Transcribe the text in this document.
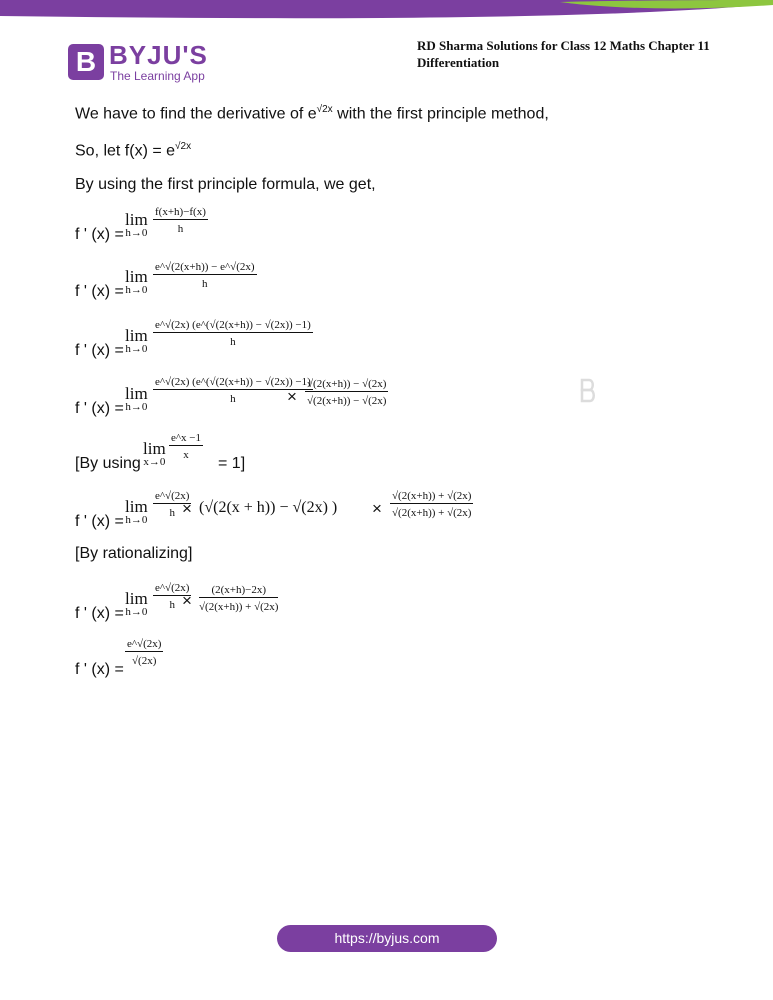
RD Sharma Solutions for Class 12 Maths Chapter 11 Differentiation
B BYJU'S
The Learning App
We have to find the derivative of $e^{√2x}$ with the first principle method,
So, let $f(x) = e^{√2x}$
By using the first principle formula, we get,
f ' (x) =
lim
$h\to 0 \frac{f(x+h)-f(x)}{h}$
f ' (x) =
lim
$h\to 0 \frac{e\^{}√(2(x+h)) - e\^{}√(2x)}{h}$
f ' (x) =
lim
$h\to 0 \frac{e\^{}√(2x) (e\^{}(√(2(x+h)) - √(2x)) -1)}{h}$
f ' (x) =
lim
h→0
$\frac{e\^{}√(2x) (e\^{}(√(2(x+h)) - √(2x)) -1)}{h}$
× $\frac{√(2(x+h)) - √(2x)}{√(2(x+h)) - √(2x)}$
[By using
lim
$x\to 0 \frac{e\^{}x -1}{x}$
= 1]
f ' (x) =
lim
$h\to 0 \frac{e\^{}√(2x)}{h}$
× (√(2(x + h)) − √(2x) ) × $\frac{√(2(x+h)) + √(2x)}{√(2(x+h)) + √(2x)}$
[By rationalizing]
f ' (x) =
lim
$h\to 0 \frac{e\^{}√(2x)}{h}$
× $\frac{(2(x+h)-2x)}{√(2(x+h)) + √(2x)}$
f ' (x) =
$\frac{e\^{}√(2x)}{√(2x)}$
https://byjus.com
